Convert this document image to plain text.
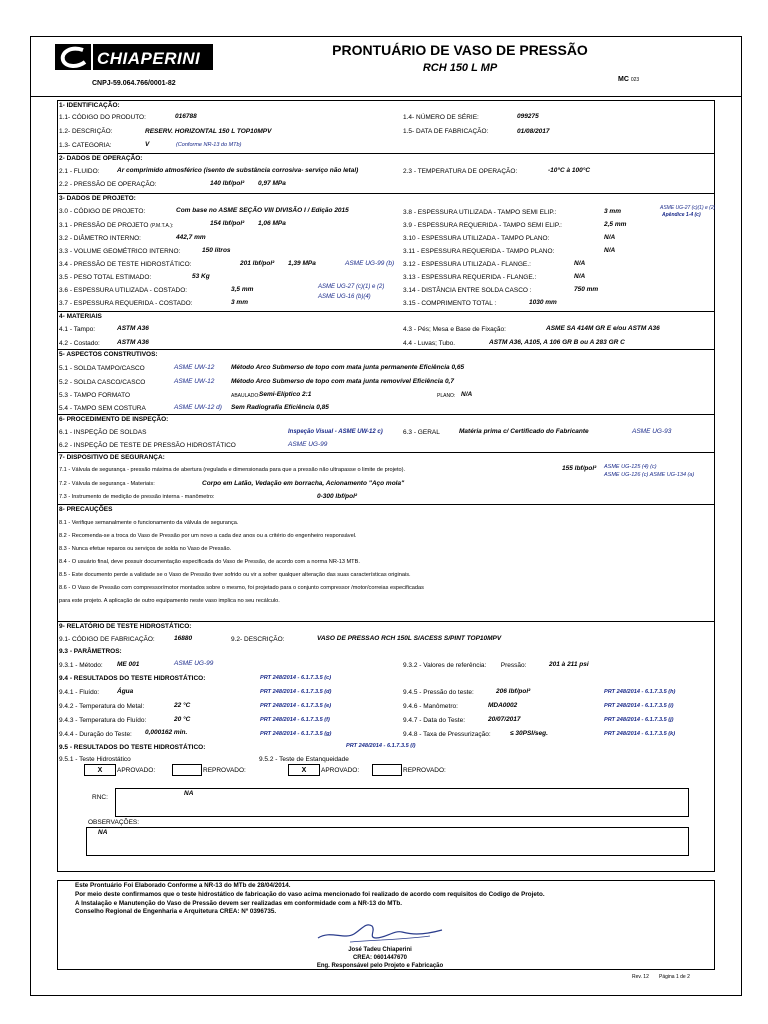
CHIAPERINI	PRONTUÁRIO DE VASO DE PRESSÃO
RCH 150 L MP
CNPJ-59.064.766/0001-82
MC 023
1- IDENTIFICAÇÃO:
1.1- CÓDIGO DO PRODUTO:	016788
1.2- DESCRIÇÃO:	RESERV. HORIZONTAL 150 L TOP10MPV
1.3- CATEGORIA:	V	(Conforme NR-13 do MTb)
1.4- NÚMERO DE SÉRIE:	099275
1.5- DATA DE FABRICAÇÃO:	01/08/2017
2- DADOS DE OPERAÇÃO:
2.1 - FLUIDO:	Ar comprimido atmosférico (isento de substância corrosiva- serviço não letal)
2.2 - PRESSÃO DE OPERAÇÃO:	140 lbf/pol² 0,97 MPa
2.3 - TEMPERATURA DE OPERAÇÃO:	-10°C à 100°C
3- DADOS DE PROJETO:
3.0 - CÓDIGO DE PROJETO:	Com base no ASME SEÇÃO VIII DIVISÃO I / Edição 2015
3.1 - PRESSÃO DE PROJETO (P.M.T.A.):	154 lbf/pol² 1,06 MPa
3.2 - DIÂMETRO INTERNO:	442,7 mm
3.3 - VOLUME GEOMÉTRICO INTERNO:	150 litros
3.4 - PRESSÃO DE TESTE HIDROSTÁTICO:	201 lbf/pol² 1,39 MPa	ASME UG-99 (b)
3.5 - PESO TOTAL ESTIMADO:	53 Kg
3.6 - ESPESSURA UTILIZADA - COSTADO:	3,5 mm	ASME UG-27 (c)(1) e (2)
3.7 - ESPESSURA REQUERIDA - COSTADO:	3 mm
ASME UG-16 (b)(4)
3.8 - ESPESSURA UTILIZADA - TAMPO SEMI ELIP.:	3 mm	ASME UG-27 (c)(1) e (2)
Apêndice 1-4 (c)
3.9 - ESPESSURA REQUERIDA - TAMPO SEMI ELIP.:	2,5 mm
3.10 - ESPESSURA UTILIZADA - TAMPO PLANO:	N/A
3.11 - ESPESSURA REQUERIDA - TAMPO PLANO:	N/A
3.12 - ESPESSURA UTILIZADA - FLANGE.:	N/A
3.13 - ESPESSURA REQUERIDA - FLANGE.:	N/A
3.14 - DISTÂNCIA ENTRE SOLDA CASCO :	750 mm
3.15 - COMPRIMENTO TOTAL :	1030 mm
4- MATERIAIS
4.1 - Tampo:	ASTM A36
4.2 - Costado:	ASTM A36
4.3 - Pés; Mesa e Base de Fixação:	ASME SA 414M GR E e/ou ASTM A36
4.4 - Luvas; Tubo.	ASTM A36, A105, A 106 GR B ou A 283 GR C
5- ASPECTOS CONSTRUTIVOS:
5.1 - SOLDA TAMPO/CASCO	ASME UW-12	Método Arco Submerso de topo com mata junta permanente Eficiência 0,65
5.2 - SOLDA CASCO/CASCO	ASME UW-12	Método Arco Submerso de topo com mata junta removível Eficiência 0,7
5.3 - TAMPO FORMATO	ABAULADO: Semi-Elíptico 2:1	PLANO: N/A
5.4 - TAMPO SEM COSTURA	ASME UW-12 d) Sem Radiografia Eficiência 0,85
6- PROCEDIMENTO DE INSPEÇÃO:
6.1 - INSPEÇÃO DE SOLDAS	Inspeção Visual - ASME UW-12 c)	6.3 - GERAL	Matéria prima c/ Certificado do Fabricante	ASME UG-93
6.2 - INSPEÇÃO DE TESTE DE PRESSÃO HIDROSTÁTICO	ASME UG-99
7- DISPOSITIVO DE SEGURANÇA:
7.1 - Válvula de segurança - pressão máxima de abertura (regulada e dimensionada para que a pressão não ultrapasse o limite de projeto).	155 lbf/pol² ASME UG-125 (4) (c)
ASME UG-126 (c) ASME UG-134 (a)
7.2 - Válvula de segurança - Materiais:	Corpo em Latão, Vedação em borracha, Acionamento "Aço mola"
7.3 - Instrumento de medição de pressão interna - manômetro:	0-300 lbf/pol²
8- PRECAUÇÕES
8.1 - Verifique semanalmente o funcionamento da válvula de segurança.
8.2 - Recomenda-se a troca do Vaso de Pressão por um novo a cada dez anos ou a critério do engenheiro responsável.
8.3 - Nunca efetue reparos ou serviços de solda no Vaso de Pressão.
8.4 - O usuário final, deve possuir documentação especificada do Vaso de Pressão, de acordo com a norma NR-13 MTB.
8.5 - Este documento perde a validade se o Vaso de Pressão tiver sofrido ou vir a sofrer qualquer alteração das suas características originais.
8.6 - O Vaso de Pressão com compressor/motor montados sobre o mesmo, foi projetado para o conjunto compressor /motor/correias especificadas
para este projeto. A aplicação de outro equipamento neste vaso implica no seu recálculo.
9- RELATÓRIO DE TESTE HIDROSTÁTICO:
9.1- CÓDIGO DE FABRICAÇÃO:	16880	9.2- DESCRIÇÃO:	VASO DE PRESSAO RCH 150L S/ACESS S/PINT TOP10MPV
9.3 - PARÂMETROS:
9.3.1 - Método: ME 001	ASME UG-99	9.3.2 - Valores de referência: Pressão:	201 à 211 psi
9.4 - RESULTADOS DO TESTE HIDROSTÁTICO:	PRT 248/2014 - 6.1.7.3.5 (c)
9.4.1 - Fluído:	Água	PRT 248/2014 - 6.1.7.3.5 (d)
9.4.2 - Temperatura do Metal:	22 °C	PRT 248/2014 - 6.1.7.3.5 (e)
9.4.3 - Temperatura do Fluído:	20 °C	PRT 248/2014 - 6.1.7.3.5 (f)
9.4.4 - Duração do Teste: 0,000162 min.	PRT 248/2014 - 6.1.7.3.5 (g)
9.4.5 - Pressão do teste:	206 lbf/pol²	PRT 248/2014 - 6.1.7.3.5 (h)
9.4.6 - Manômetro:	MDA0002	PRT 248/2014 - 6.1.7.3.5 (i)
9.4.7 - Data do Teste:	20/07/2017	PRT 248/2014 - 6.1.7.3.5 (j)
9.4.8 - Taxa de Pressurização:	≤ 30PSI/seg.	PRT 248/2014 - 6.1.7.3.5 (k)
9.5 - RESULTADOS DO TESTE HIDROSTÁTICO:	PRT 248/2014 - 6.1.7.3.5 (l)
9.5.1 - Teste Hidrostático	9.5.2 - Teste de Estanqueidade
X	APROVADO:	REPROVADO:	X	APROVADO:	REPROVADO:
RNC:
NA
OBSERVAÇÕES:
NA
Este Prontuário Foi Elaborado Conforme a NR-13 do MTb de 28/04/2014.
Por meio deste confirmamos que o teste hidrostático de fabricação do vaso acima mencionado foi realizado de acordo com requisitos do Codigo de Projeto.
A Instalação e Manutenção do Vaso de Pressão devem ser realizadas em conformidade com a NR-13 do MTb.
Conselho Regional de Engenharia e Arquitetura CREA: Nº 0396735.
José Tadeu Chiaperini
CREA: 0601447670
Eng. Responsável pelo Projeto e Fabricação
Rev. 12 Página 1 de 2
